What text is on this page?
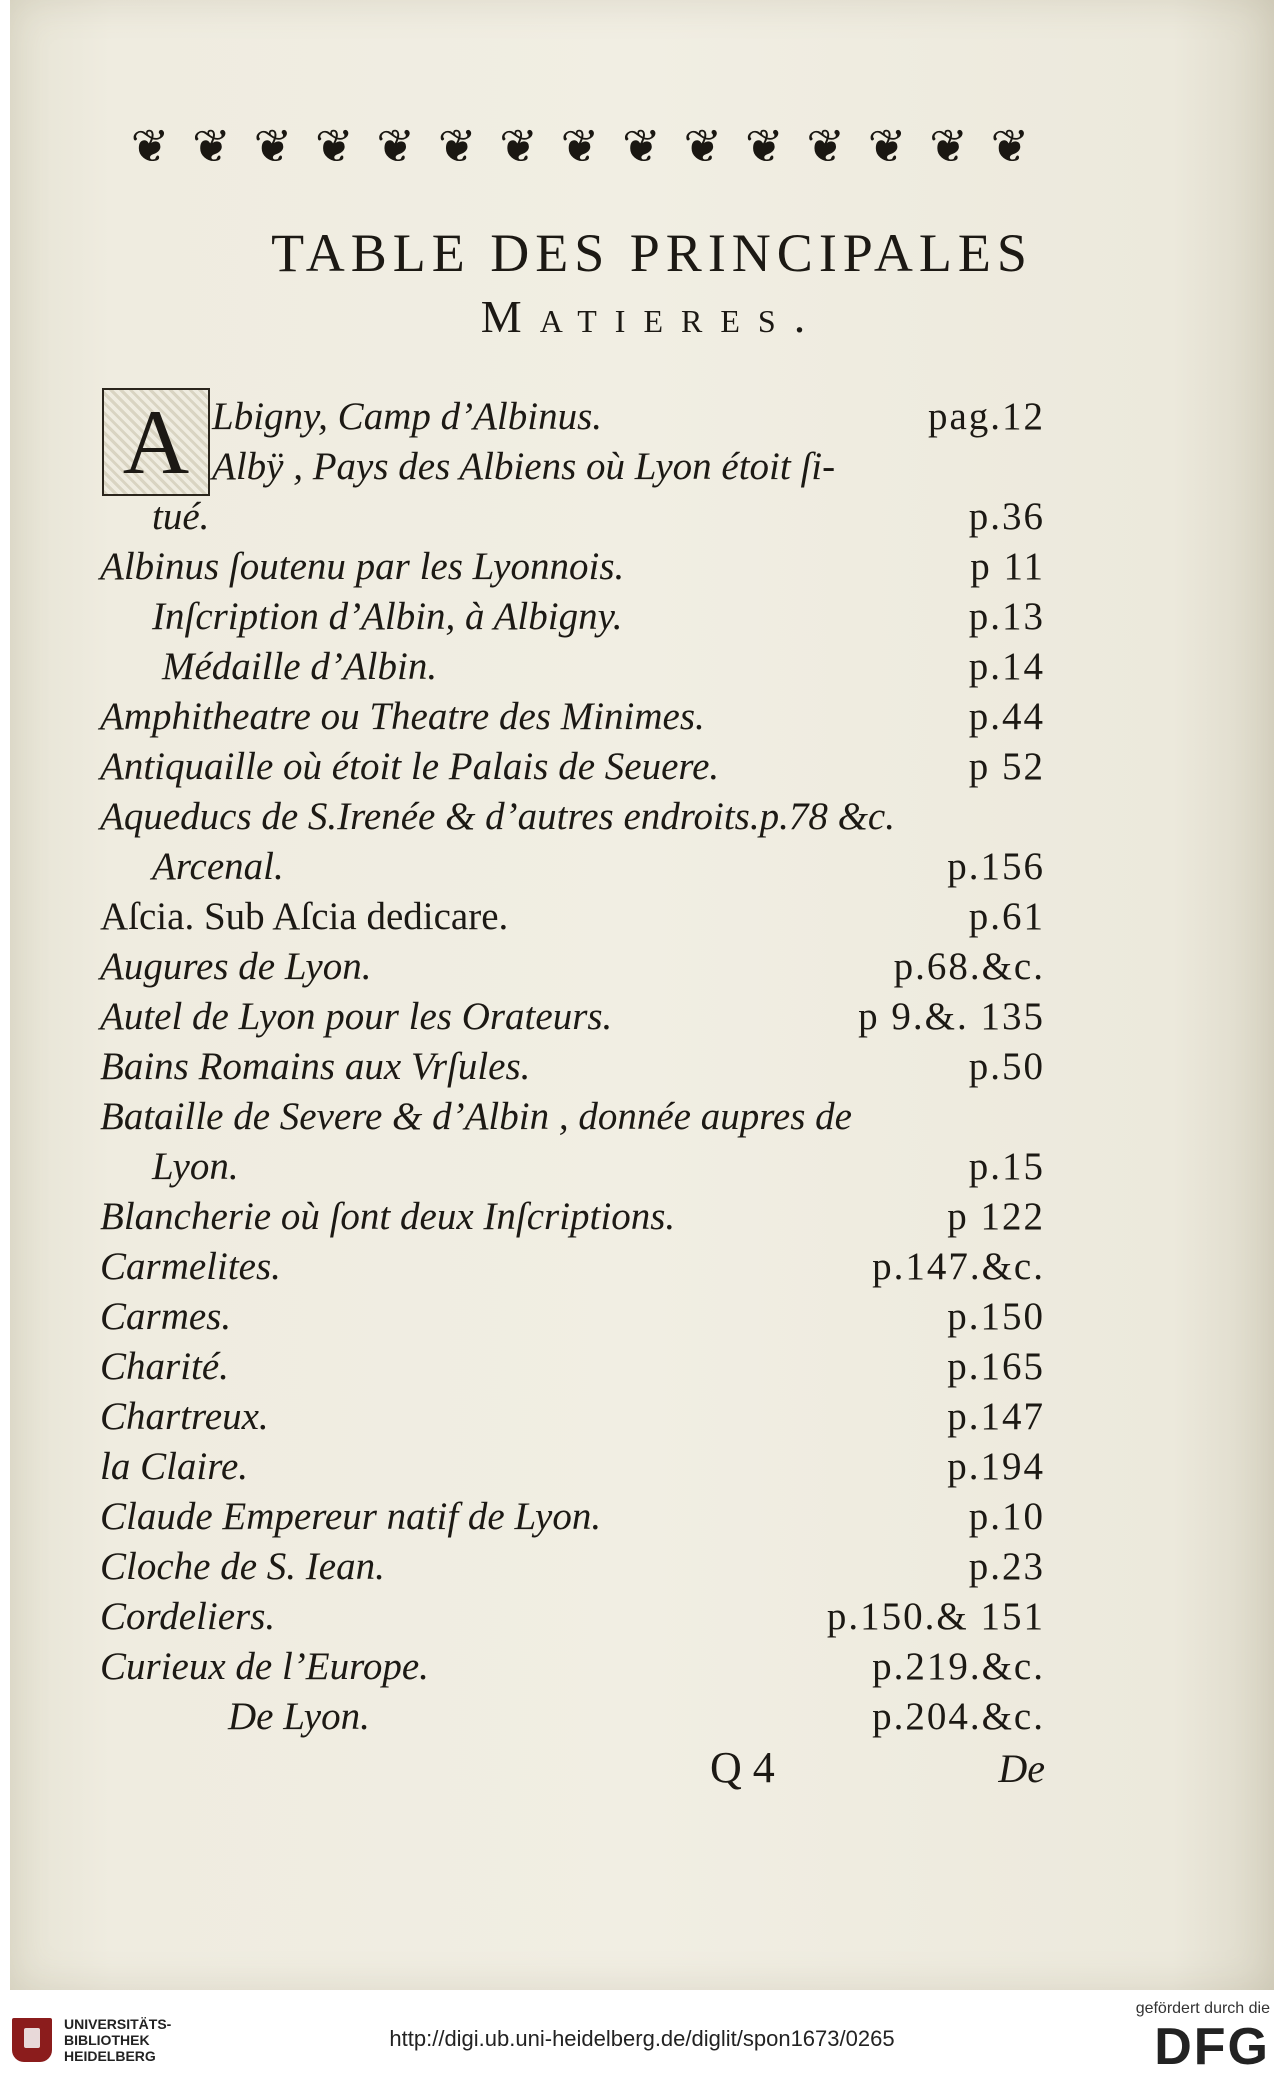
❦ ❦ ❦ ❦ ❦ ❦ ❦ ❦ ❦ ❦ ❦ ❦ ❦ ❦ ❦
TABLE DES PRINCIPALES
Matieres.
A Lbigny, Camp d’Albinus.	pag.12
Albÿ , Pays des Albiens où Lyon étoit ſi-
tué.	p.36
Albinus ſoutenu par les Lyonnois.	p 11
Inſcription d’Albin, à Albigny.	p.13
Médaille d’Albin.	p.14
Amphitheatre ou Theatre des Minimes.	p.44
Antiquaille où étoit le Palais de Seuere.	p 52
Aqueducs de S.Irenée & d’autres endroits.p.78 &c.
Arcenal.	p.156
Aſcia. Sub Aſcia dedicare.	p.61
Augures de Lyon.	p.68.&c.
Autel de Lyon pour les Orateurs.	p 9.&. 135
Bains Romains aux Vrſules.	p.50
Bataille de Severe & d’Albin , donnée aupres de
Lyon.	p.15
Blancherie où ſont deux Inſcriptions.	p 122
Carmelites.	p.147.&c.
Carmes.	p.150
Charité.	p.165
Chartreux.	p.147
la Claire.	p.194
Claude Empereur natif de Lyon.	p.10
Cloche de S. Iean.	p.23
Cordeliers.	p.150.& 151
Curieux de l’Europe.	p.219.&c.
De Lyon.	p.204.&c.
Q 4	De
UNIVERSITÄTS-
BIBLIOTHEK
HEIDELBERG
http://digi.ub.uni-heidelberg.de/diglit/spon1673/0265
gefördert durch die
DFG
